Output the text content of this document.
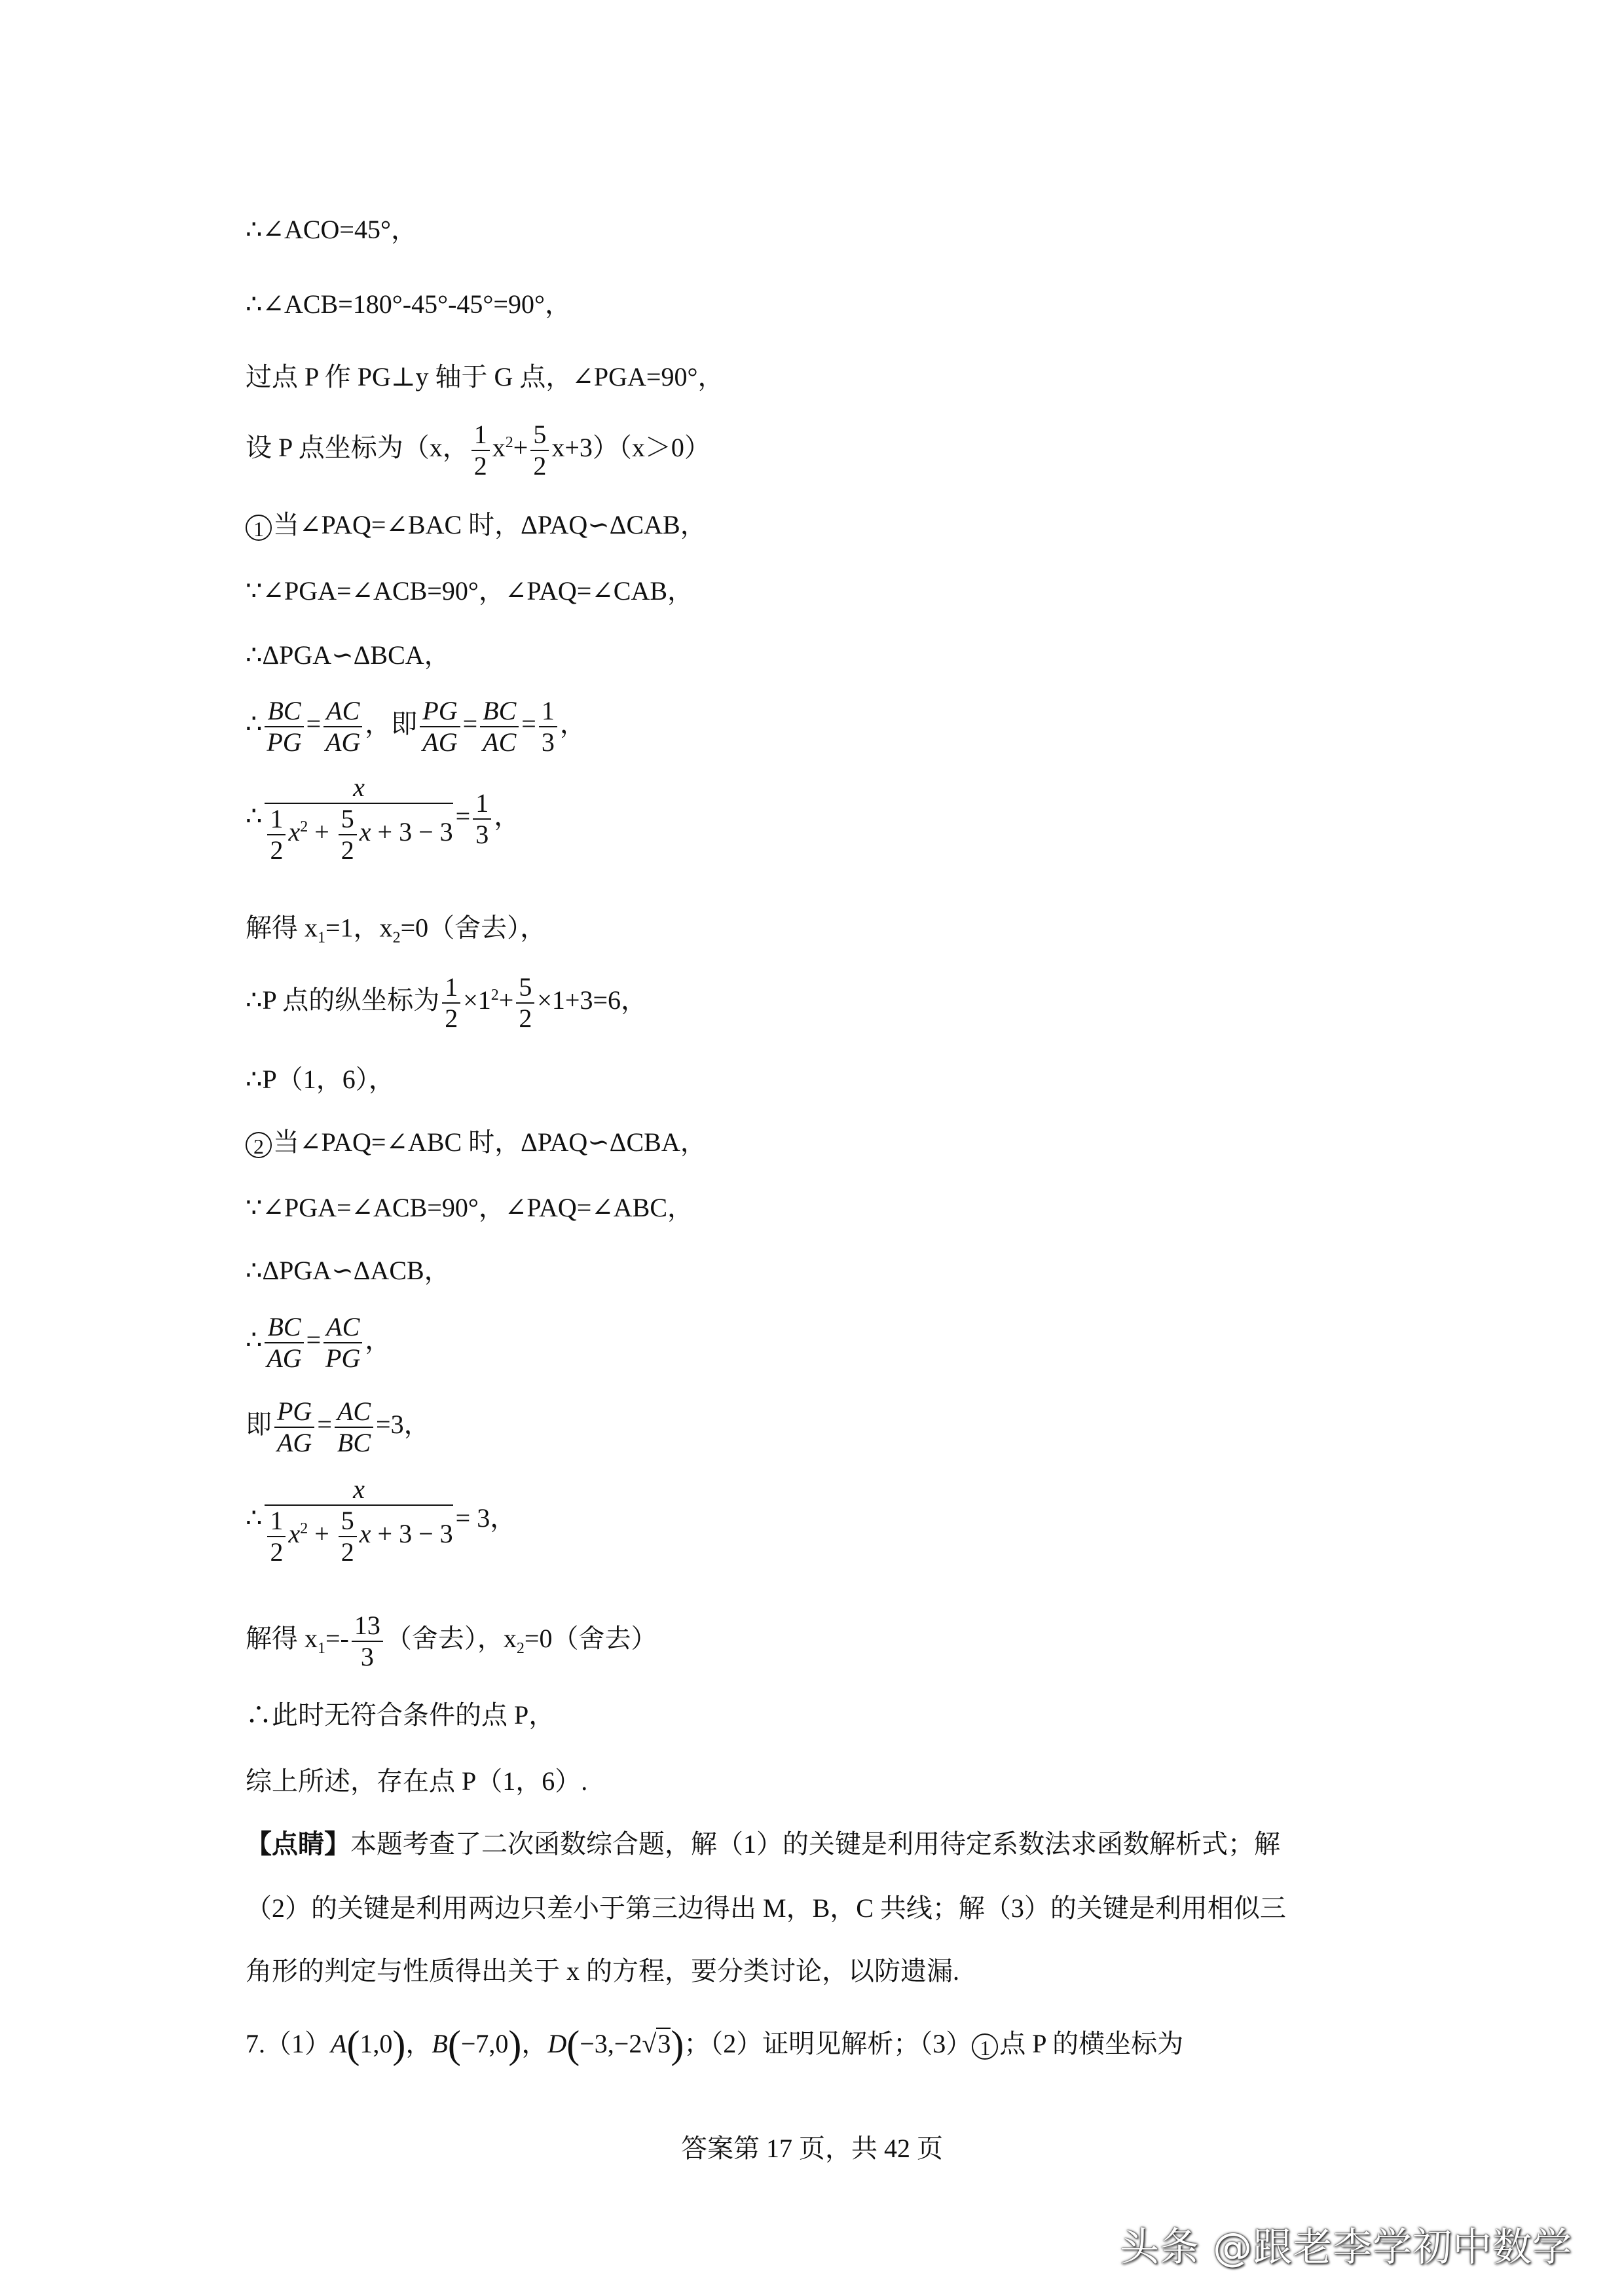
∴∠ACO=45°，
∴∠ACB=180°-45°-45°=90°，
过点 P 作 PG⊥y 轴于 G 点，∠PGA=90°，
设 P 点坐标为（x， $\frac{1}{2} x^2+ \frac{5}{2} x+3)(x>0)$
1 当∠PAQ=∠BAC 时，ΔPAQ∽ΔCAB，
∵∠PGA=∠ACB=90°，∠PAQ=∠CAB，
∴ΔPGA∽ΔBCA，
∴ $\frac{BC}{PG} = \frac{AC}{AG}$ ，即 $\frac{PG}{AG} = \frac{BC}{AC} = \frac{1}{3}$ ，
∴ $\frac{x}{\frac{1}{2} x^2 + \frac{5}{2} x + 3 - 3} = \frac{1}{3}$ ，
解得 $x_1=1$，$x_2=0$（舍去），
∴P 点的纵坐标为 $\frac{1}{2} \times 1^2+ \frac{5}{2} \times 1+3=6$，
∴P（1，6），
2 当∠PAQ=∠ABC 时，ΔPAQ∽ΔCBA，
∵∠PGA=∠ACB=90°，∠PAQ=∠ABC，
∴ΔPGA∽ΔACB，
∴ $\frac{BC}{AG} = \frac{AC}{PG}$ ，
即 $\frac{PG}{AG} = \frac{AC}{BC} =3$，
∴ $\frac{x}{\frac{1}{2} x^2 + \frac{5}{2} x + 3 - 3} = 3$，
解得 $x_1=- \frac{13}{3}$ （舍去），$x_2=0$（舍去）
∴此时无符合条件的点 P，
综上所述，存在点 P（1，6）.
【点睛】本题考查了二次函数综合题，解（1）的关键是利用待定系数法求函数解析式；解
（2）的关键是利用两边只差小于第三边得出 M，B，C 共线；解（3）的关键是利用相似三
角形的判定与性质得出关于 x 的方程，要分类讨论，以防遗漏.
7.（1）A(1,0)，B(−7,0)，D(−3,−2√3)；（2）证明见解析；（3） 1 点 P 的横坐标为
答案第 17 页，共 42 页
头条 @跟老李学初中数学
